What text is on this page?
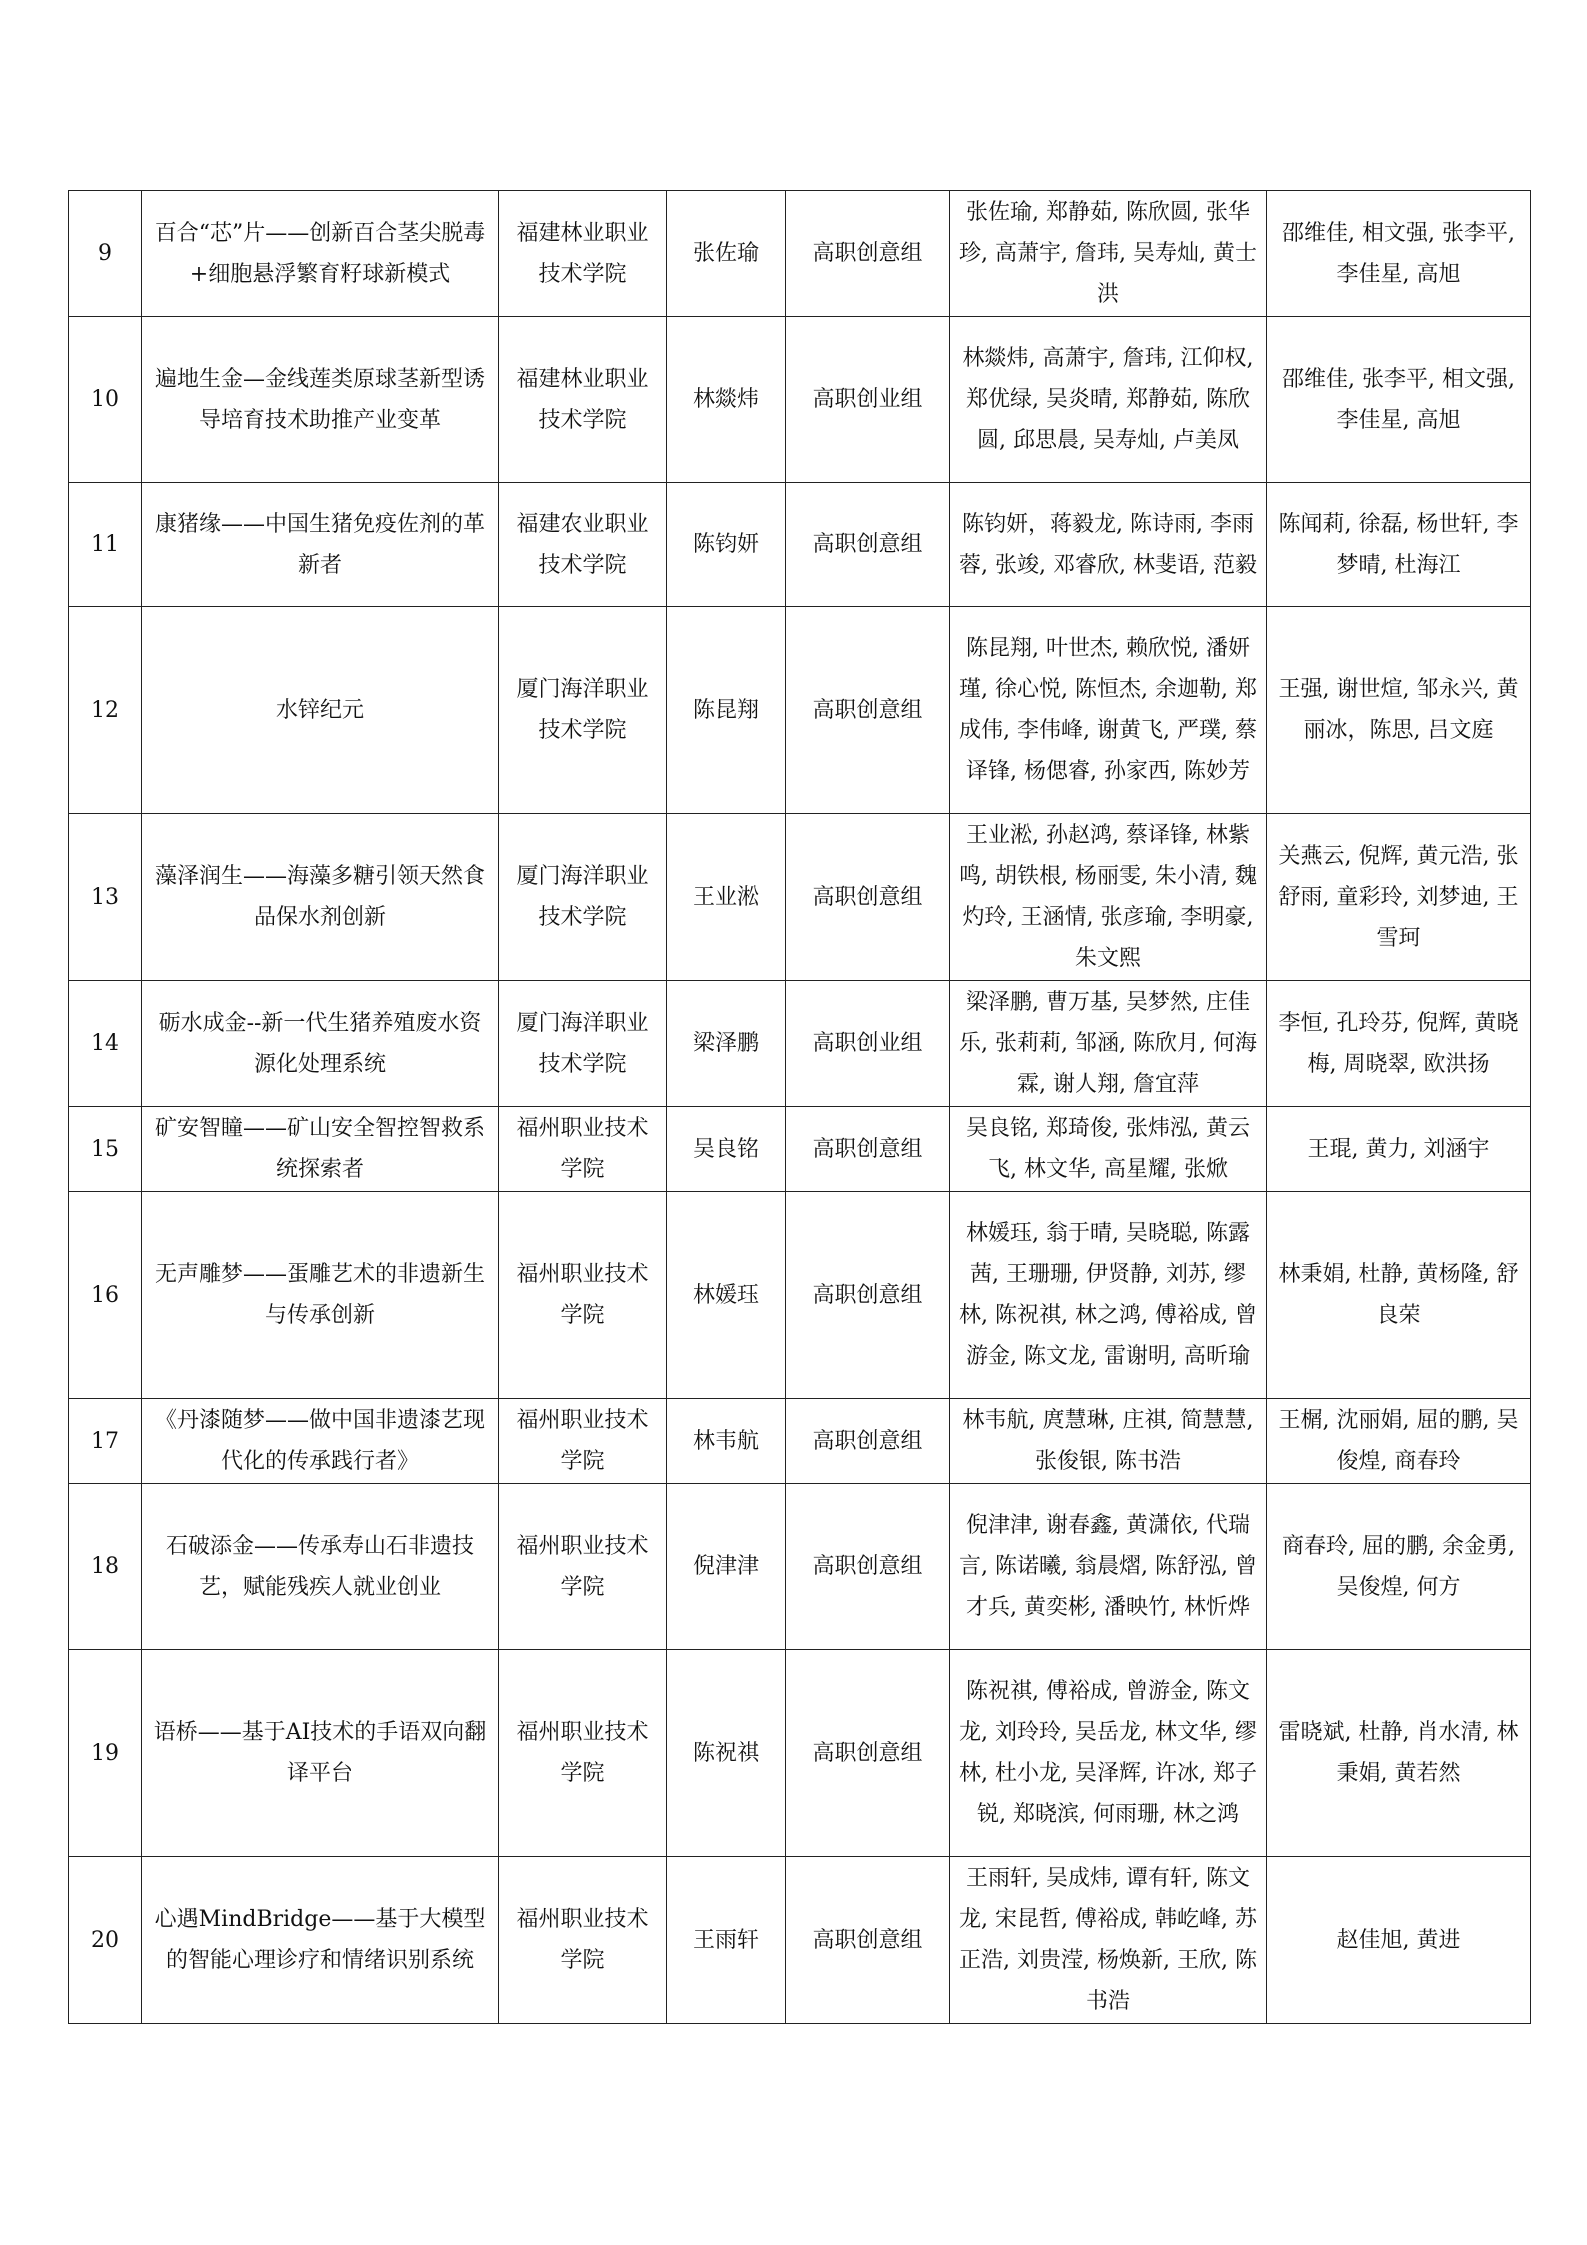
9	百合“芯”片——创新百合茎尖脱毒+细胞悬浮繁育籽球新模式	福建林业职业技术学院	张佐瑜	高职创意组	张佐瑜, 郑静茹, 陈欣圆, 张华珍, 高萧宇, 詹玮, 吴寿灿, 黄士洪	邵维佳, 相文强, 张李平, 李佳星, 高旭
10	遍地生金—金线莲类原球茎新型诱导培育技术助推产业变革	福建林业职业技术学院	林燚炜	高职创业组	林燚炜, 高萧宇, 詹玮, 江仰权, 郑优绿, 吴炎晴, 郑静茹, 陈欣圆, 邱思晨, 吴寿灿, 卢美凤	邵维佳, 张李平, 相文强, 李佳星, 高旭
11	康猪缘——中国生猪免疫佐剂的革新者	福建农业职业技术学院	陈钧妍	高职创意组	陈钧妍，蒋毅龙, 陈诗雨, 李雨蓉, 张竣, 邓睿欣, 林斐语, 范毅	陈闻莉, 徐磊, 杨世轩, 李梦晴, 杜海江
12	水锌纪元	厦门海洋职业技术学院	陈昆翔	高职创意组	陈昆翔, 叶世杰, 赖欣悦, 潘妍瑾, 徐心悦, 陈恒杰, 余迦勒, 郑成伟, 李伟峰, 谢黄飞, 严璞, 蔡译锋, 杨偲睿, 孙家西, 陈妙芳	王强, 谢世煊, 邹永兴, 黄丽冰，陈思, 吕文庭
13	藻泽润生——海藻多糖引领天然食品保水剂创新	厦门海洋职业技术学院	王业淞	高职创意组	王业淞, 孙赵鸿, 蔡译锋, 林紫鸣, 胡铁根, 杨丽雯, 朱小清, 魏灼玲, 王涵情, 张彦瑜, 李明豪, 朱文熙	关燕云, 倪辉, 黄元浩, 张舒雨, 童彩玲, 刘梦迪, 王雪珂
14	砺水成金--新一代生猪养殖废水资源化处理系统	厦门海洋职业技术学院	梁泽鹏	高职创业组	梁泽鹏, 曹万基, 吴梦然, 庄佳乐, 张莉莉, 邹涵, 陈欣月, 何海霖, 谢人翔, 詹宜萍	李恒, 孔玲芬, 倪辉, 黄晓梅, 周晓翠, 欧洪扬
15	矿安智瞳——矿山安全智控智救系统探索者	福州职业技术学院	吴良铭	高职创意组	吴良铭, 郑琦俊, 张炜泓, 黄云飞, 林文华, 高星耀, 张焮	王琨, 黄力, 刘涵宇
16	无声雕梦——蛋雕艺术的非遗新生与传承创新	福州职业技术学院	林媛珏	高职创意组	林媛珏, 翁于晴, 吴晓聪, 陈露茜, 王珊珊, 伊贤静, 刘苏, 缪林, 陈祝祺, 林之鸿, 傅裕成, 曾游金, 陈文龙, 雷谢明, 高昕瑜	林秉娟, 杜静, 黄杨隆, 舒良荣
17	《丹漆随梦——做中国非遗漆艺现代化的传承践行者》	福州职业技术学院	林韦航	高职创意组	林韦航, 庹慧琳, 庄祺, 简慧慧, 张俊银, 陈书浩	王榍, 沈丽娟, 屈的鹏, 吴俊煌, 商春玲
18	石破添金——传承寿山石非遗技艺，赋能残疾人就业创业	福州职业技术学院	倪津津	高职创意组	倪津津, 谢春鑫, 黄潇依, 代瑞言, 陈诺曦, 翁晨熠, 陈舒泓, 曾才兵, 黄奕彬, 潘映竹, 林忻烨	商春玲, 屈的鹏, 余金勇, 吴俊煌, 何方
19	语桥——基于AI技术的手语双向翻译平台	福州职业技术学院	陈祝祺	高职创意组	陈祝祺, 傅裕成, 曾游金, 陈文龙, 刘玲玲, 吴岳龙, 林文华, 缪林, 杜小龙, 吴泽辉, 许冰, 郑子锐, 郑晓滨, 何雨珊, 林之鸿	雷晓斌, 杜静, 肖水清, 林秉娟, 黄若然
20	心遇MindBridge——基于大模型的智能心理诊疗和情绪识别系统	福州职业技术学院	王雨轩	高职创意组	王雨轩, 吴成炜, 谭有轩, 陈文龙, 宋昆哲, 傅裕成, 韩屹峰, 苏正浩, 刘贵滢, 杨焕新, 王欣, 陈书浩	赵佳旭, 黄进
